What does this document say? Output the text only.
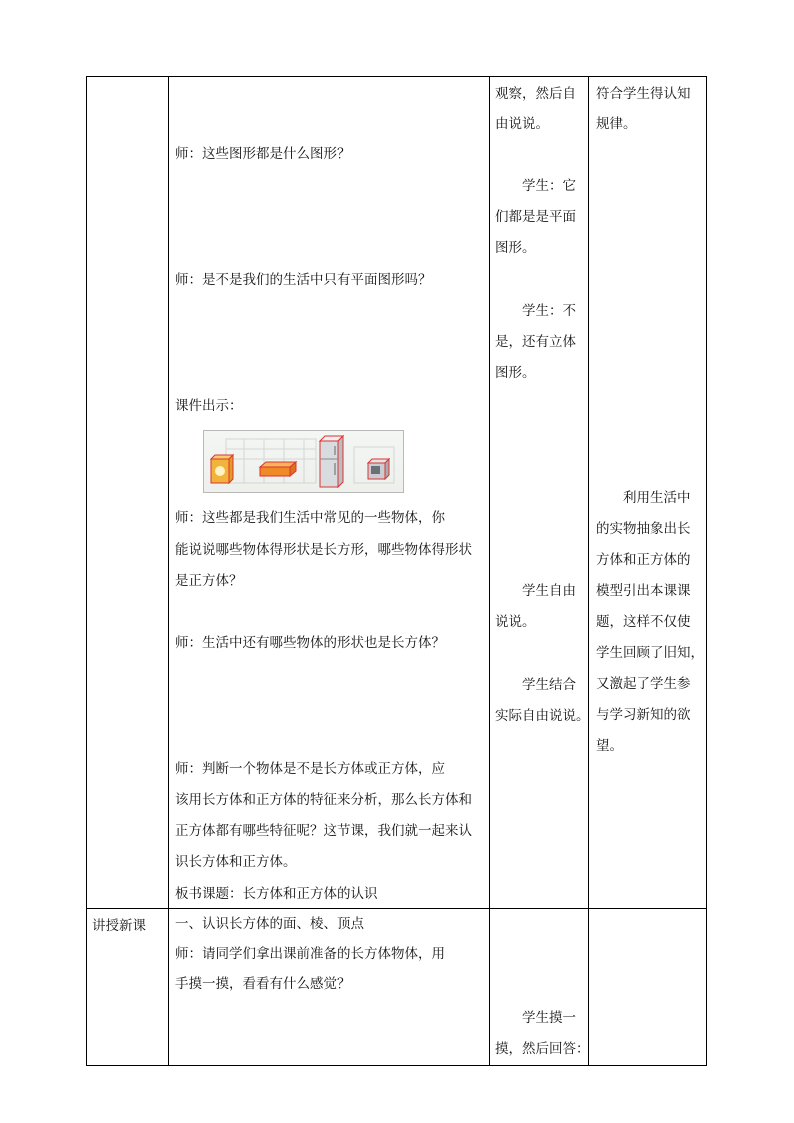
讲授新课
师：这些图形都是什么图形？
师：是不是我们的生活中只有平面图形吗？
课件出示：
师：这些都是我们生活中常见的一些物体，你
能说说哪些物体得形状是长方形，哪些物体得形状
是正方体？
师：生活中还有哪些物体的形状也是长方体？
师：判断一个物体是不是长方体或正方体，应
该用长方体和正方体的特征来分析，那么长方体和
正方体都有哪些特征呢？这节课，我们就一起来认
识长方体和正方体。
板书课题：长方体和正方体的认识
一、认识长方体的面、棱、顶点
师：请同学们拿出课前准备的长方体物体，用
手摸一摸，看看有什么感觉？
观察，然后自
由说说。
学生：它
们都是是平面
图形。
学生：不
是，还有立体
图形。
学生自由
说说。
学生结合
实际自由说说。
学生摸一
摸，然后回答：
符合学生得认知
规律。
利用生活中
的实物抽象出长
方体和正方体的
模型引出本课课
题，这样不仅使
学生回顾了旧知，
又激起了学生参
与学习新知的欲
望。
